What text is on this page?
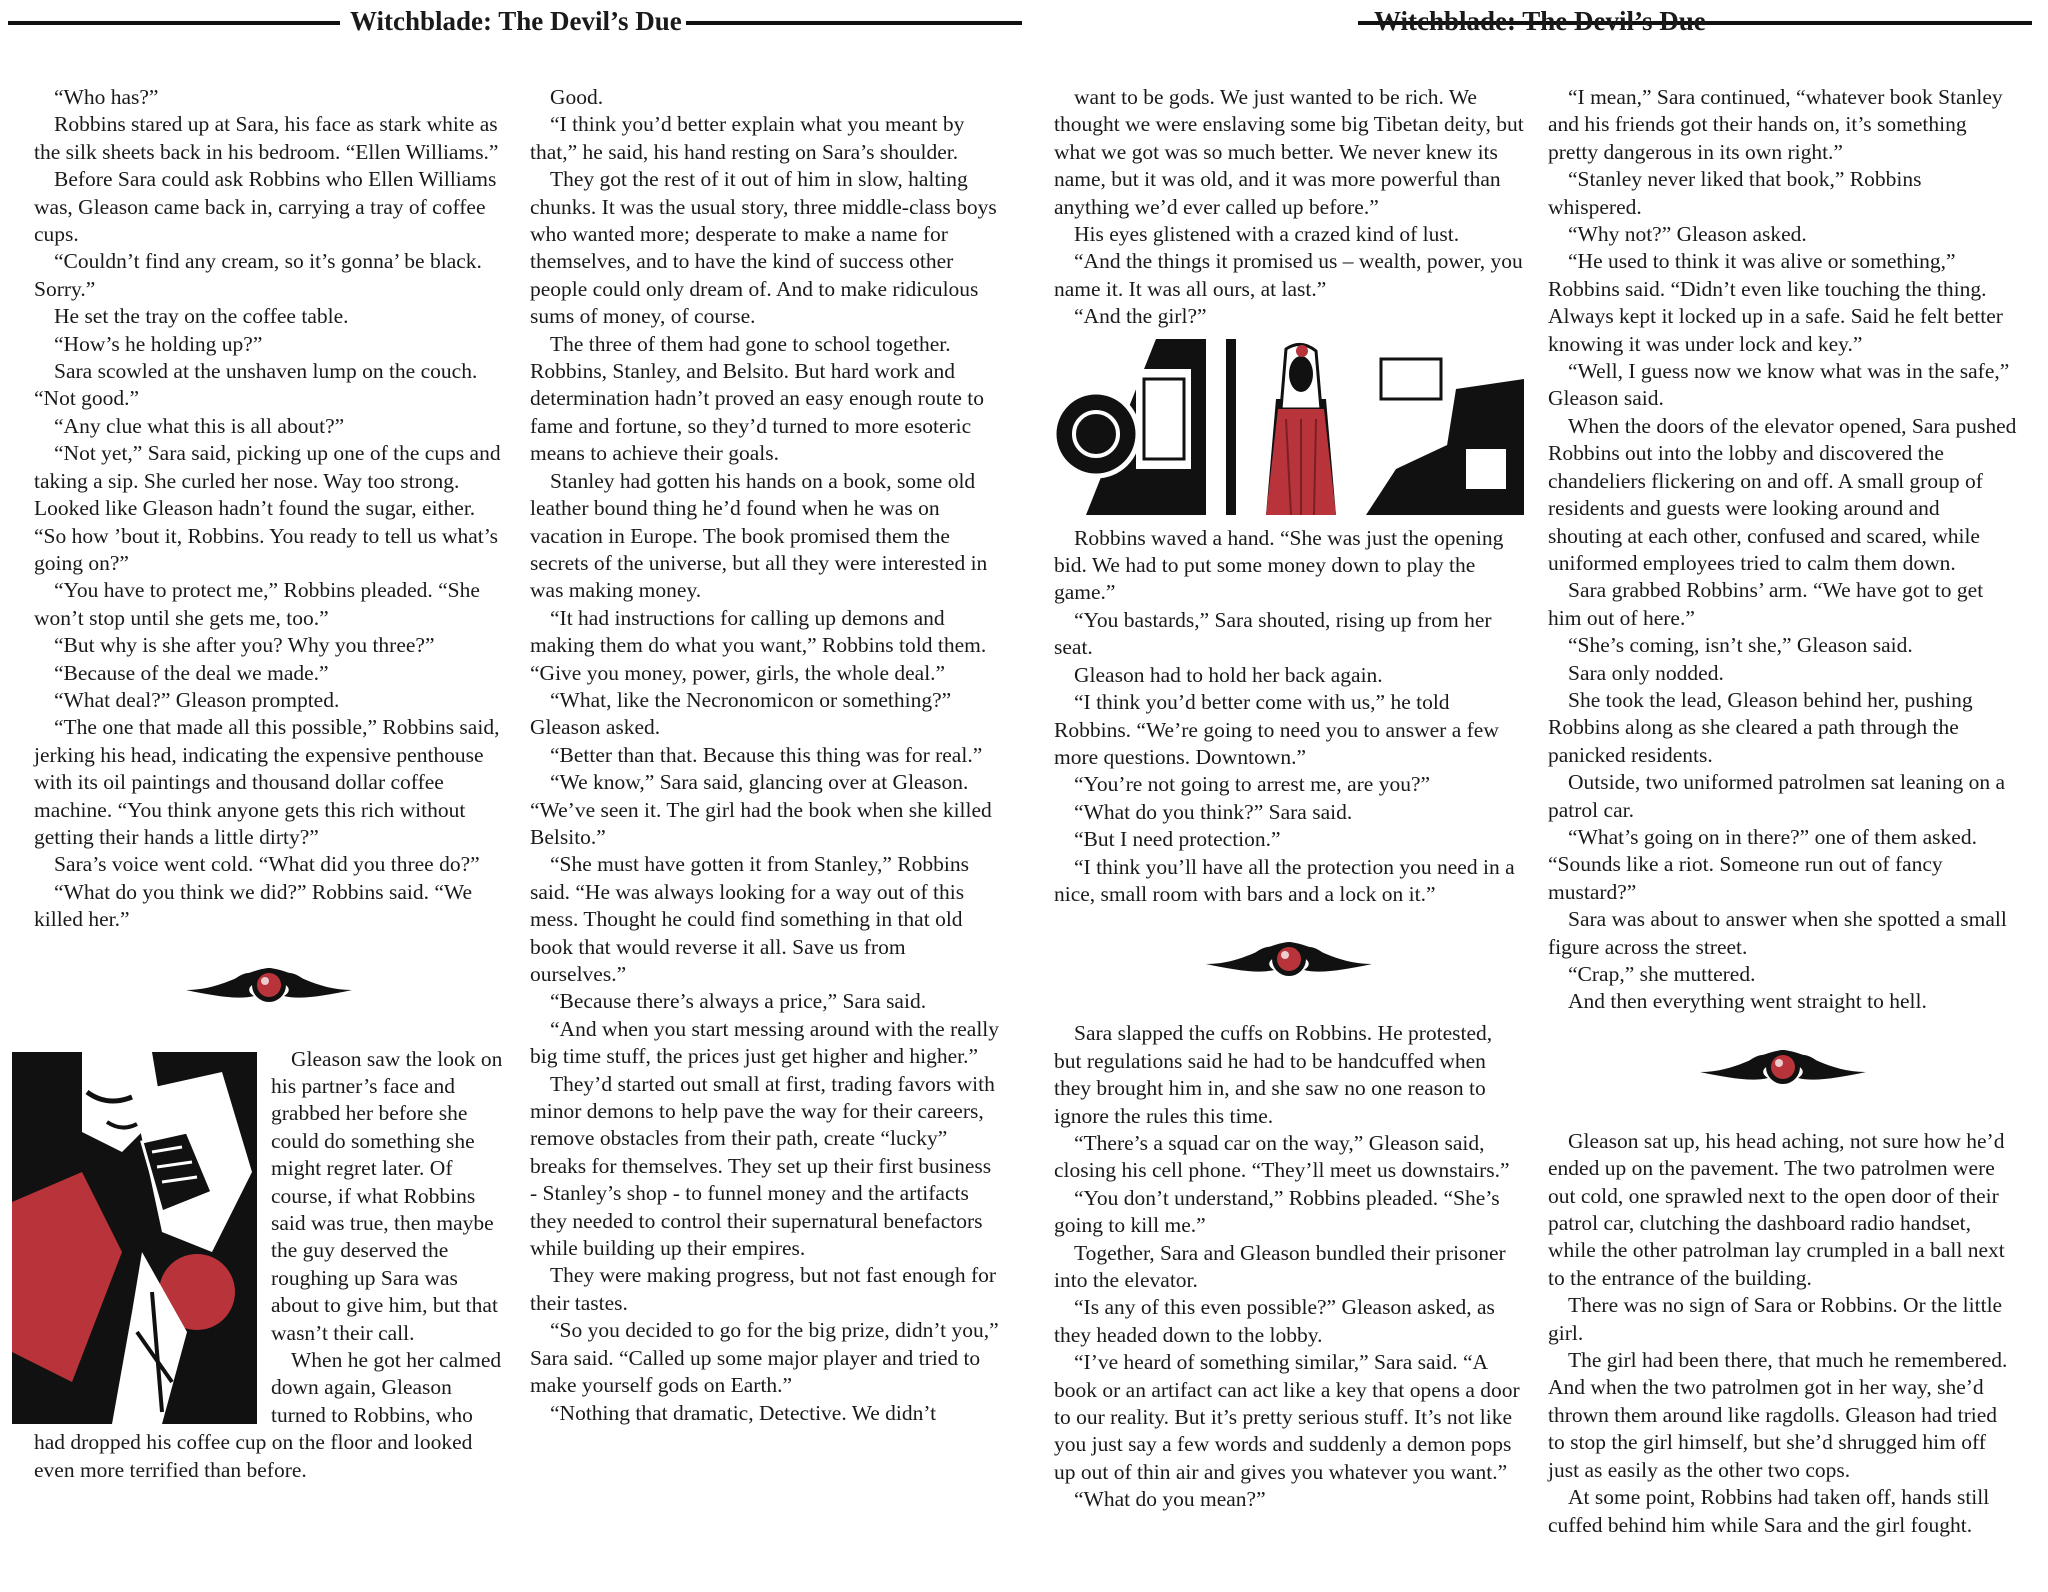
Witchblade: The Devil’s Due	Witchblade: The Devil’s Due

“Who has?”

Robbins stared up at Sara, his face as stark white as the silk sheets back in his bedroom. “Ellen Williams.”

Before Sara could ask Robbins who Ellen Williams was, Gleason came back in, carrying a tray of coffee cups.

“Couldn’t find any cream, so it’s gonna’ be black. Sorry.”

He set the tray on the coffee table.

“How’s he holding up?”

Sara scowled at the unshaven lump on the couch. “Not good.”

“Any clue what this is all about?”

“Not yet,” Sara said, picking up one of the cups and taking a sip. She curled her nose. Way too strong. Looked like Gleason hadn’t found the sugar, either. “So how ’bout it, Robbins. You ready to tell us what’s going on?”

“You have to protect me,” Robbins pleaded. “She won’t stop until she gets me, too.”

“But why is she after you? Why you three?”

“Because of the deal we made.”

“What deal?” Gleason prompted.

“The one that made all this possible,” Robbins said, jerking his head, indicating the expensive penthouse with its oil paintings and thousand dollar coffee machine. “You think anyone gets this rich without getting their hands a little dirty?”

Sara’s voice went cold. “What did you three do?”

“What do you think we did?” Robbins said. “We killed her.”

Gleason saw the look on his partner’s face and grabbed her before she could do something she might regret later. Of course, if what Robbins said was true, then maybe the guy deserved the roughing up Sara was about to give him, but that wasn’t their call.

When he got her calmed down again, Gleason turned to Robbins, who had dropped his coffee cup on the floor and looked even more terrified than before.

Good.

“I think you’d better explain what you meant by that,” he said, his hand resting on Sara’s shoulder.

They got the rest of it out of him in slow, halting chunks. It was the usual story, three middle-class boys who wanted more; desperate to make a name for themselves, and to have the kind of success other people could only dream of. And to make ridiculous sums of money, of course.

The three of them had gone to school together. Robbins, Stanley, and Belsito. But hard work and determination hadn’t proved an easy enough route to fame and fortune, so they’d turned to more esoteric means to achieve their goals.

Stanley had gotten his hands on a book, some old leather bound thing he’d found when he was on vacation in Europe. The book promised them the secrets of the universe, but all they were interested in was making money.

“It had instructions for calling up demons and making them do what you want,” Robbins told them. “Give you money, power, girls, the whole deal.”

“What, like the Necronomicon or something?” Gleason asked.

“Better than that. Because this thing was for real.”

“We know,” Sara said, glancing over at Gleason. “We’ve seen it. The girl had the book when she killed Belsito.”

“She must have gotten it from Stanley,” Robbins said. “He was always looking for a way out of this mess. Thought he could find something in that old book that would reverse it all. Save us from ourselves.”

“Because there’s always a price,” Sara said.

“And when you start messing around with the really big time stuff, the prices just get higher and higher.”

They’d started out small at first, trading favors with minor demons to help pave the way for their careers, remove obstacles from their path, create “lucky” breaks for themselves. They set up their first business - Stanley’s shop - to funnel money and the artifacts they needed to control their supernatural benefactors while building up their empires.

They were making progress, but not fast enough for their tastes.

“So you decided to go for the big prize, didn’t you,” Sara said. “Called up some major player and tried to make yourself gods on Earth.”

“Nothing that dramatic, Detective. We didn’t

want to be gods. We just wanted to be rich. We thought we were enslaving some big Tibetan deity, but what we got was so much better. We never knew its name, but it was old, and it was more powerful than anything we’d ever called up before.”

His eyes glistened with a crazed kind of lust.

“And the things it promised us – wealth, power, you name it. It was all ours, at last.”

“And the girl?”

Robbins waved a hand. “She was just the opening bid. We had to put some money down to play the game.”

“You bastards,” Sara shouted, rising up from her seat.

Gleason had to hold her back again.

“I think you’d better come with us,” he told Robbins. “We’re going to need you to answer a few more questions. Downtown.”

“You’re not going to arrest me, are you?”

“What do you think?” Sara said.

“But I need protection.”

“I think you’ll have all the protection you need in a nice, small room with bars and a lock on it.”

Sara slapped the cuffs on Robbins. He protested, but regulations said he had to be handcuffed when they brought him in, and she saw no one reason to ignore the rules this time.

“There’s a squad car on the way,” Gleason said, closing his cell phone. “They’ll meet us downstairs.”

“You don’t understand,” Robbins pleaded. “She’s going to kill me.”

Together, Sara and Gleason bundled their prisoner into the elevator.

“Is any of this even possible?” Gleason asked, as they headed down to the lobby.

“I’ve heard of something similar,” Sara said. “A book or an artifact can act like a key that opens a door to our reality. But it’s pretty serious stuff. It’s not like you just say a few words and suddenly a demon pops up out of thin air and gives you whatever you want.”

“What do you mean?”

“I mean,” Sara continued, “whatever book Stanley and his friends got their hands on, it’s something pretty dangerous in its own right.”

“Stanley never liked that book,” Robbins whispered.

“Why not?” Gleason asked.

“He used to think it was alive or something,” Robbins said. “Didn’t even like touching the thing. Always kept it locked up in a safe. Said he felt better knowing it was under lock and key.”

“Well, I guess now we know what was in the safe,” Gleason said.

When the doors of the elevator opened, Sara pushed Robbins out into the lobby and discovered the chandeliers flickering on and off. A small group of residents and guests were looking around and shouting at each other, confused and scared, while uniformed employees tried to calm them down.

Sara grabbed Robbins’ arm. “We have got to get him out of here.”

“She’s coming, isn’t she,” Gleason said.

Sara only nodded.

She took the lead, Gleason behind her, pushing Robbins along as she cleared a path through the panicked residents.

Outside, two uniformed patrolmen sat leaning on a patrol car.

“What’s going on in there?” one of them asked. “Sounds like a riot. Someone run out of fancy mustard?”

Sara was about to answer when she spotted a small figure across the street.

“Crap,” she muttered.

And then everything went straight to hell.

Gleason sat up, his head aching, not sure how he’d ended up on the pavement. The two patrolmen were out cold, one sprawled next to the open door of their patrol car, clutching the dashboard radio handset, while the other patrolman lay crumpled in a ball next to the entrance of the building.

There was no sign of Sara or Robbins. Or the little girl.

The girl had been there, that much he remembered. And when the two patrolmen got in her way, she’d thrown them around like ragdolls. Gleason had tried to stop the girl himself, but she’d shrugged him off just as easily as the other two cops.

At some point, Robbins had taken off, hands still cuffed behind him while Sara and the girl fought.
